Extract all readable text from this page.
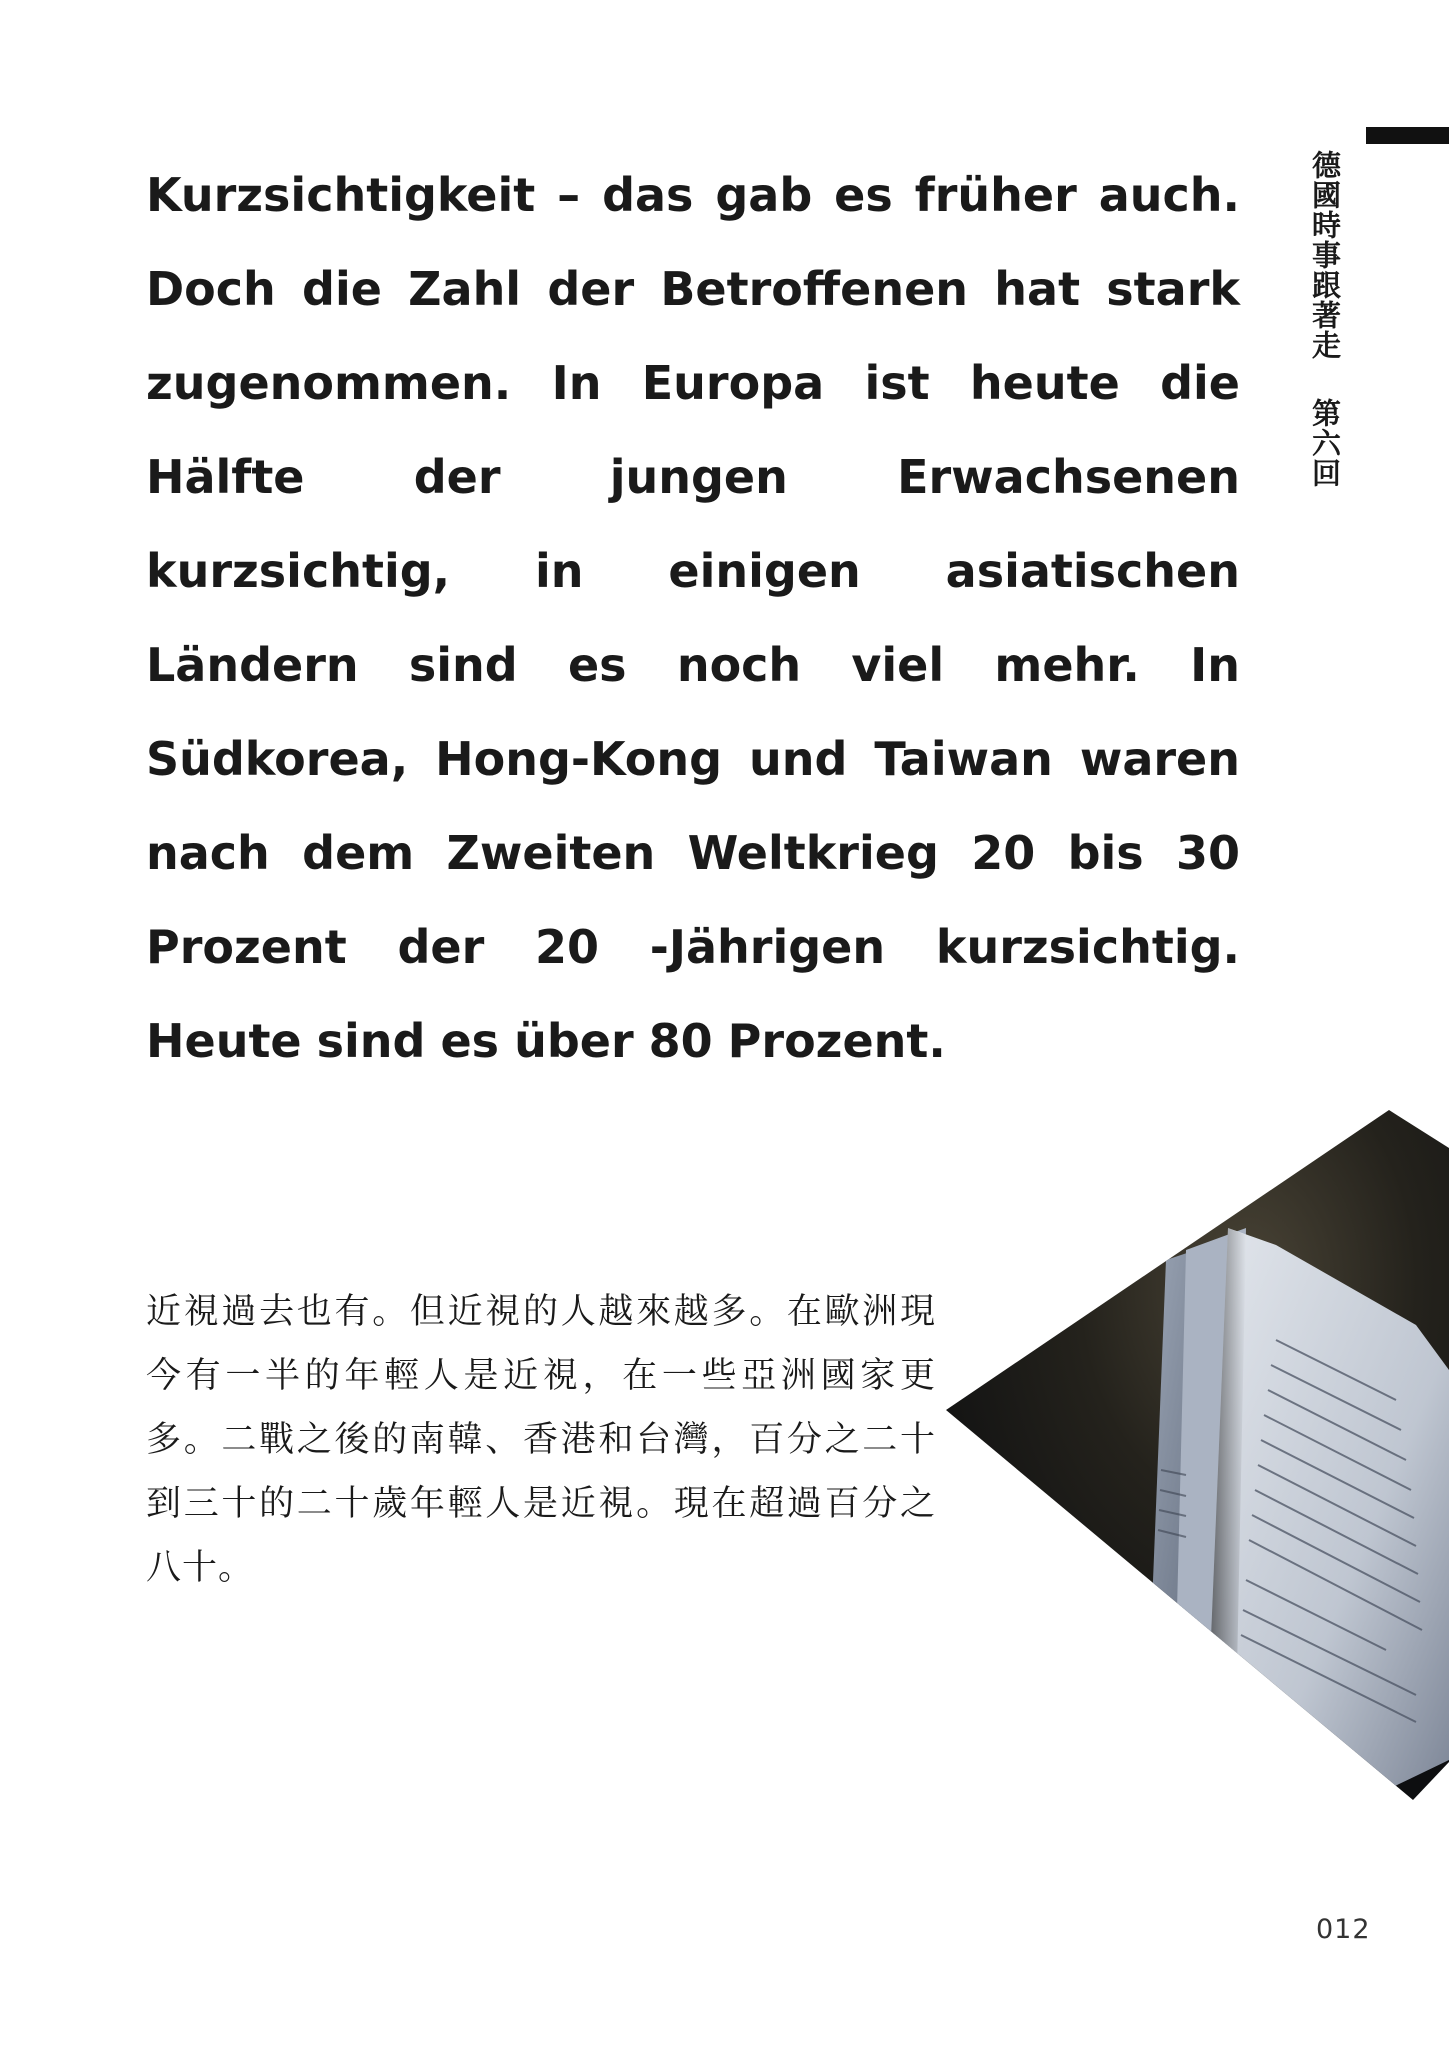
德國時事跟著走第六回

Kurzsichtigkeit – das gab es früher auch. Doch die Zahl der Betroffenen hat stark zugenommen. In Europa ist heute die Hälfte der jungen Erwachsenen kurzsichtig, in einigen asiatischen Ländern sind es noch viel mehr. In Südkorea, Hong-Kong und Taiwan waren nach dem Zweiten Weltkrieg 20 bis 30 Prozent der 20 -Jährigen kurzsichtig. Heute sind es über 80 Prozent.

近視過去也有。但近視的人越來越多。在歐洲現今有一半的年輕人是近視，在一些亞洲國家更多。二戰之後的南韓、香港和台灣，百分之二十到三十的二十歲年輕人是近視。現在超過百分之八十。

012
